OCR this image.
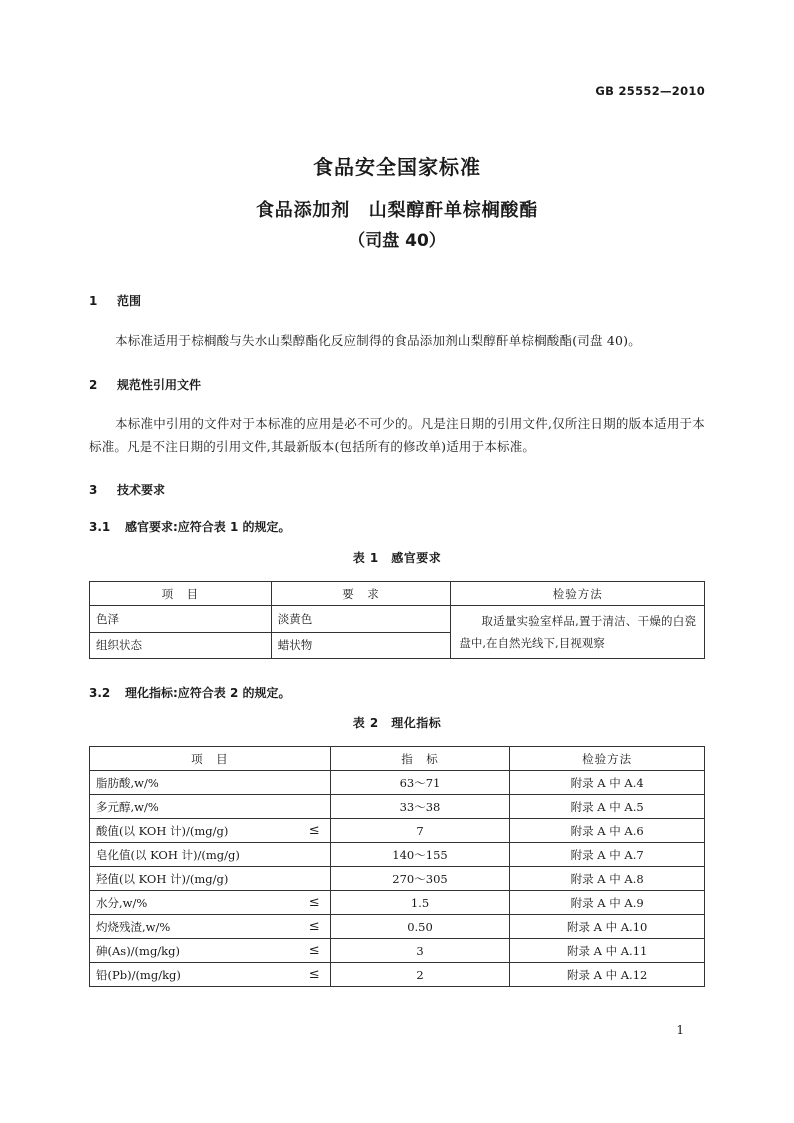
GB 25552—2010
食品安全国家标准
食品添加剂　山梨醇酐单棕榈酸酯
（司盘 40）
1 范围
本标准适用于棕榈酸与失水山梨醇酯化反应制得的食品添加剂山梨醇酐单棕榈酸酯(司盘 40)。
2 规范性引用文件
本标准中引用的文件对于本标准的应用是必不可少的。凡是注日期的引用文件,仅所注日期的版本适用于本标准。凡是不注日期的引用文件,其最新版本(包括所有的修改单)适用于本标准。
3 技术要求
3.1 感官要求:应符合表 1 的规定。
表 1　感官要求
项　目	要　求	检验方法
色泽	淡黄色	取适量实验室样品,置于清洁、干燥的白瓷盘中,在自然光线下,目视观察
组织状态	蜡状物	
3.2 理化指标:应符合表 2 的规定。
表 2　理化指标
项　目	指　标	检验方法

脂肪酸,w/%	63～71	附录 A 中 A.4

多元醇,w/%	33～38	附录 A 中 A.5

酸值(以 KOH 计)/(mg/g) ≤	7	附录 A 中 A.6

皂化值(以 KOH 计)/(mg/g)	140～155	附录 A 中 A.7

羟值(以 KOH 计)/(mg/g)	270～305	附录 A 中 A.8

水分,w/% ≤	1.5	附录 A 中 A.9

灼烧残渣,w/% ≤	0.50	附录 A 中 A.10

砷(As)/(mg/kg) ≤	3	附录 A 中 A.11

铅(Pb)/(mg/kg) ≤	2	附录 A 中 A.12
1
